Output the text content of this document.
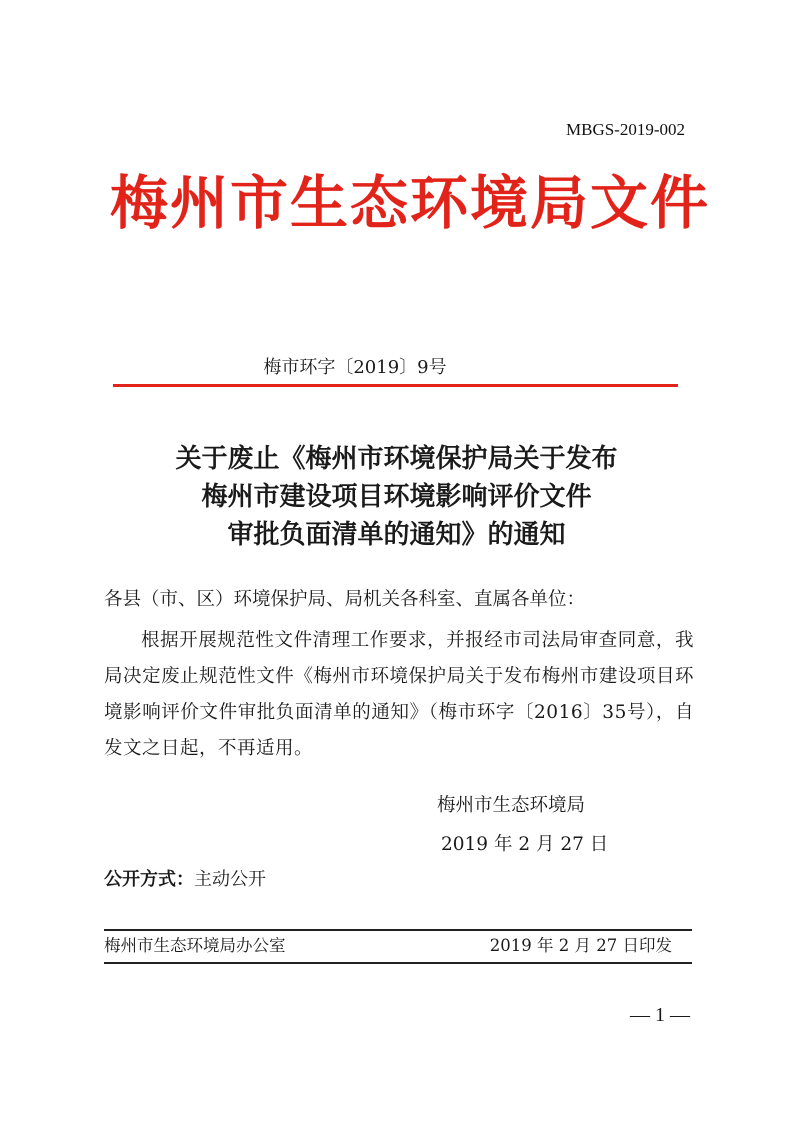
MBGS-2019-002
梅州市生态环境局文件
梅市环字〔2019〕9号
关于废止《梅州市环境保护局关于发布
梅州市建设项目环境影响评价文件
审批负面清单的通知》的通知
各县（市、区）环境保护局、局机关各科室、直属各单位：
根据开展规范性文件清理工作要求，并报经市司法局审查同意，我局决定废止规范性文件《梅州市环境保护局关于发布梅州市建设项目环境影响评价文件审批负面清单的通知》（梅市环字〔2016〕35号），自发文之日起，不再适用。
梅州市生态环境局
2019 年 2 月 27 日
公开方式：主动公开
梅州市生态环境局办公室	2019 年 2 月 27 日印发
— 1 —
